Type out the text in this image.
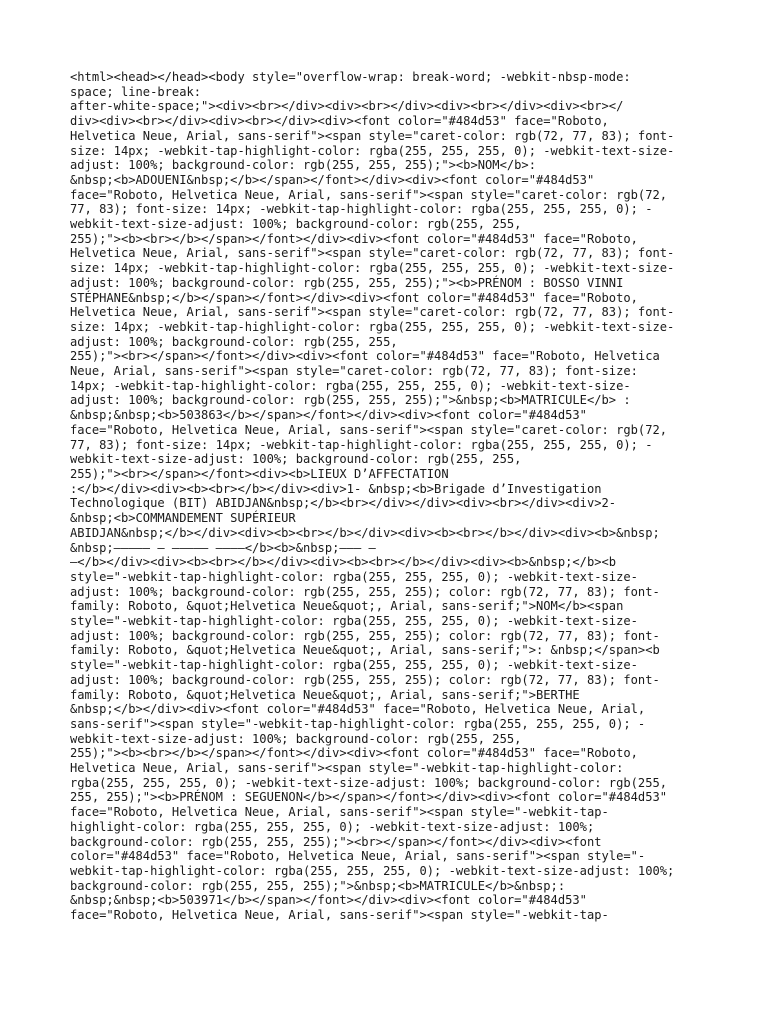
<html><head></head><body style="overflow-wrap: break-word; -webkit-nbsp-mode:
space; line-break:
after-white-space;"><div><br></div><div><br></div><div><br></div><div><br></
div><div><br></div><div><br></div><div><font color="#484d53" face="Roboto,
Helvetica Neue, Arial, sans-serif"><span style="caret-color: rgb(72, 77, 83); font-
size: 14px; -webkit-tap-highlight-color: rgba(255, 255, 255, 0); -webkit-text-size-
adjust: 100%; background-color: rgb(255, 255, 255);"><b>NOM</b>:
&nbsp;<b>ADOUENI&nbsp;</b></span></font></div><div><font color="#484d53"
face="Roboto, Helvetica Neue, Arial, sans-serif"><span style="caret-color: rgb(72,
77, 83); font-size: 14px; -webkit-tap-highlight-color: rgba(255, 255, 255, 0); -
webkit-text-size-adjust: 100%; background-color: rgb(255, 255,
255);"><b><br></b></span></font></div><div><font color="#484d53" face="Roboto,
Helvetica Neue, Arial, sans-serif"><span style="caret-color: rgb(72, 77, 83); font-
size: 14px; -webkit-tap-highlight-color: rgba(255, 255, 255, 0); -webkit-text-size-
adjust: 100%; background-color: rgb(255, 255, 255);"><b>PRÉNOM : BOSSO VINNI
STÉPHANE&nbsp;</b></span></font></div><div><font color="#484d53" face="Roboto,
Helvetica Neue, Arial, sans-serif"><span style="caret-color: rgb(72, 77, 83); font-
size: 14px; -webkit-tap-highlight-color: rgba(255, 255, 255, 0); -webkit-text-size-
adjust: 100%; background-color: rgb(255, 255,
255);"><br></span></font></div><div><font color="#484d53" face="Roboto, Helvetica
Neue, Arial, sans-serif"><span style="caret-color: rgb(72, 77, 83); font-size:
14px; -webkit-tap-highlight-color: rgba(255, 255, 255, 0); -webkit-text-size-
adjust: 100%; background-color: rgb(255, 255, 255);">&nbsp;<b>MATRICULE</b> :
&nbsp;&nbsp;<b>503863</b></span></font></div><div><font color="#484d53"
face="Roboto, Helvetica Neue, Arial, sans-serif"><span style="caret-color: rgb(72,
77, 83); font-size: 14px; -webkit-tap-highlight-color: rgba(255, 255, 255, 0); -
webkit-text-size-adjust: 100%; background-color: rgb(255, 255,
255);"><br></span></font><div><b>LIEUX D’AFFECTATION
:</b></div><div><b><br></b></div><div>1- &nbsp;<b>Brigade d’Investigation
Technologique (BIT) ABIDJAN&nbsp;</b><br></div></div><div><br></div><div>2-
&nbsp;<b>COMMANDEMENT SUPÉRIEUR
ABIDJAN&nbsp;</b></div><div><b><br></b></div><div><b><br></b></div><div><b>&nbsp;
&nbsp;————— — ————— ————</b><b>&nbsp;——— —
—</b></div><div><b><br></b></div><div><b><br></b></div><div><b>&nbsp;</b><b
style="-webkit-tap-highlight-color: rgba(255, 255, 255, 0); -webkit-text-size-
adjust: 100%; background-color: rgb(255, 255, 255); color: rgb(72, 77, 83); font-
family: Roboto, &quot;Helvetica Neue&quot;, Arial, sans-serif;">NOM</b><span
style="-webkit-tap-highlight-color: rgba(255, 255, 255, 0); -webkit-text-size-
adjust: 100%; background-color: rgb(255, 255, 255); color: rgb(72, 77, 83); font-
family: Roboto, &quot;Helvetica Neue&quot;, Arial, sans-serif;">: &nbsp;</span><b
style="-webkit-tap-highlight-color: rgba(255, 255, 255, 0); -webkit-text-size-
adjust: 100%; background-color: rgb(255, 255, 255); color: rgb(72, 77, 83); font-
family: Roboto, &quot;Helvetica Neue&quot;, Arial, sans-serif;">BERTHE
&nbsp;</b></div><div><font color="#484d53" face="Roboto, Helvetica Neue, Arial,
sans-serif"><span style="-webkit-tap-highlight-color: rgba(255, 255, 255, 0); -
webkit-text-size-adjust: 100%; background-color: rgb(255, 255,
255);"><b><br></b></span></font></div><div><font color="#484d53" face="Roboto,
Helvetica Neue, Arial, sans-serif"><span style="-webkit-tap-highlight-color:
rgba(255, 255, 255, 0); -webkit-text-size-adjust: 100%; background-color: rgb(255,
255, 255);"><b>PRÉNOM : SEGUENON</b></span></font></div><div><font color="#484d53"
face="Roboto, Helvetica Neue, Arial, sans-serif"><span style="-webkit-tap-
highlight-color: rgba(255, 255, 255, 0); -webkit-text-size-adjust: 100%;
background-color: rgb(255, 255, 255);"><br></span></font></div><div><font
color="#484d53" face="Roboto, Helvetica Neue, Arial, sans-serif"><span style="-
webkit-tap-highlight-color: rgba(255, 255, 255, 0); -webkit-text-size-adjust: 100%;
background-color: rgb(255, 255, 255);">&nbsp;<b>MATRICULE</b>&nbsp;:
&nbsp;&nbsp;<b>503971</b></span></font></div><div><font color="#484d53"
face="Roboto, Helvetica Neue, Arial, sans-serif"><span style="-webkit-tap-
